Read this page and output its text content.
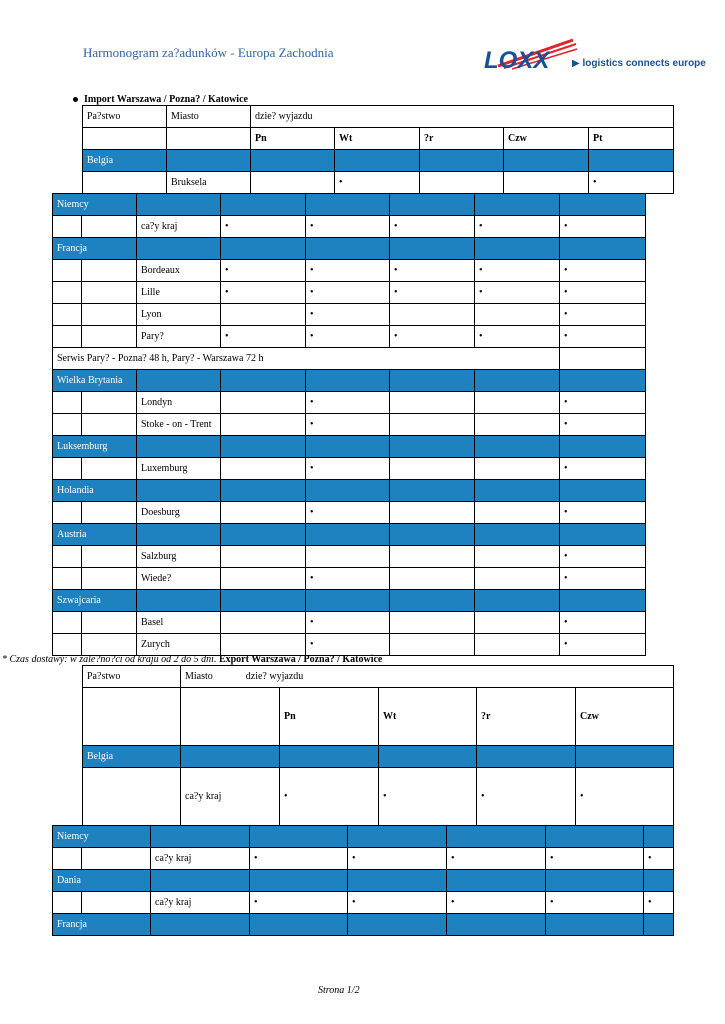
Harmonogram za?adunków - Europa Zachodnia	LOXX ▶ logistics connects europe
Import Warszawa / Pozna? / Katowice
Pa?stwo	Miasto	dzie? wyjazdu				
		Pn	Wt	?r	Czw	Pt
Belgia						
	Bruksela		•			•
Niemcy							
		ca?y kraj	•	•	•	•	•
Francja							
		Bordeaux	•	•	•	•	•
		Lille	•	•	•	•	•
		Lyon		•			•
		Pary?	•	•	•	•	•
Serwis Pary? - Pozna? 48 h, Pary? - Warszawa 72 h							
Wielka Brytania							
		Londyn		•			•
		Stoke - on - Trent		•			•
Luksemburg							
		Luxemburg		•			•
Holandia							
		Doesburg		•			•
Austria							
		Salzburg					•
		Wiede?		•			•
Szwajcaria							
		Basel		•			•
		Zurych		•			•
* Czas dostawy: w zale?no?ci od kraju od 2 do 5 dni. Export Warszawa / Pozna? / Katowice
Pa?stwo	Miasto dzie? wyjazdu				
		Pn	Wt	?r	Czw
Belgia					
	ca?y kraj	•	•	•	•
Niemcy							
		ca?y kraj	•	•	•	•	•
Dania							
		ca?y kraj	•	•	•	•	•
Francja							
Strona 1/2
